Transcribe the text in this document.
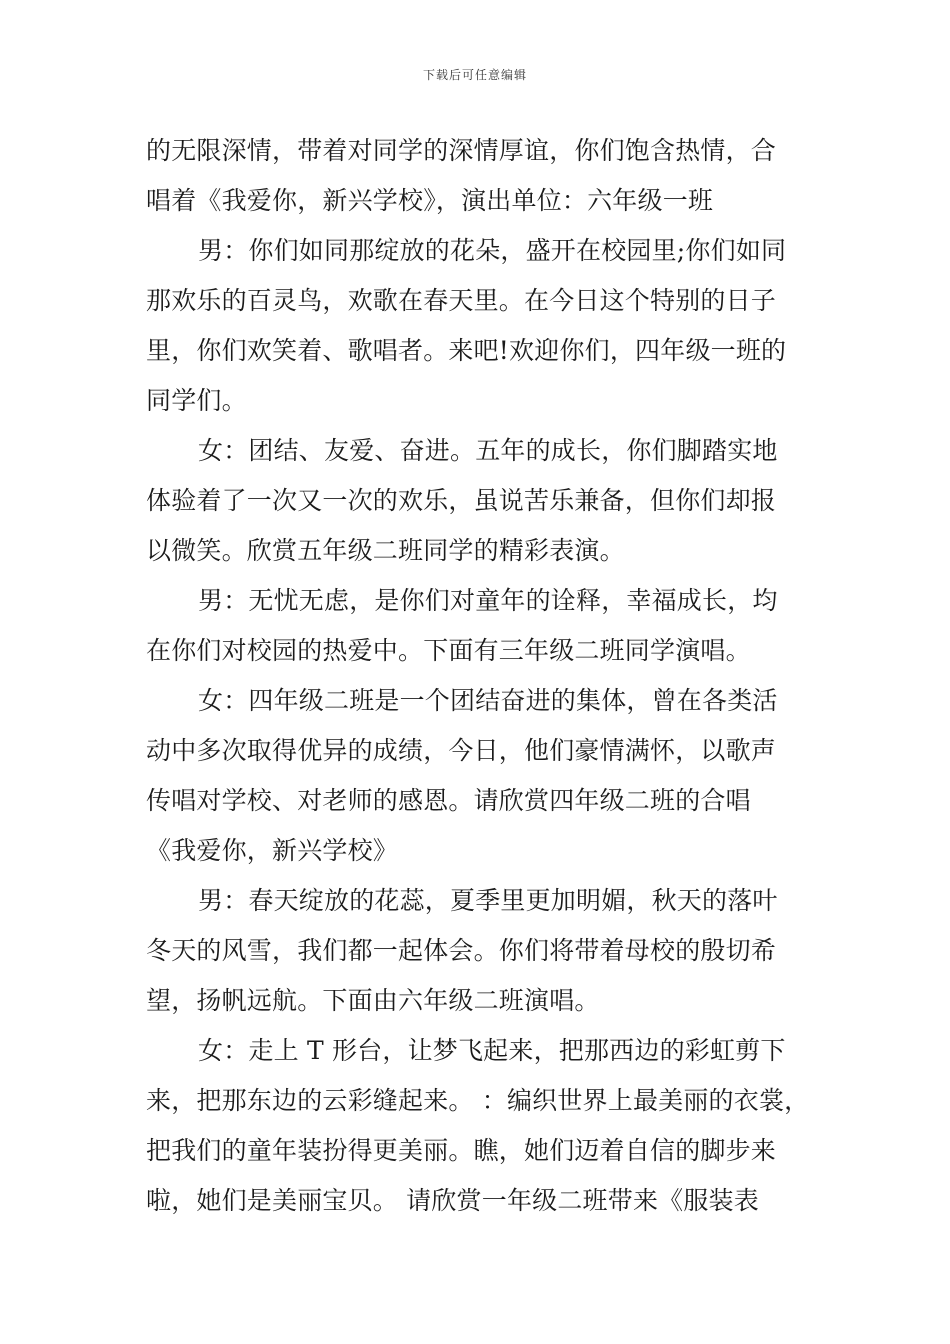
下载后可任意编辑
的无限深情，带着对同学的深情厚谊，你们饱含热情，合
唱着《我爱你，新兴学校》，演出单位：六年级一班
男：你们如同那绽放的花朵，盛开在校园里;你们如同
那欢乐的百灵鸟，欢歌在春天里。在今日这个特别的日子
里，你们欢笑着、歌唱者。来吧!欢迎你们，四年级一班的
同学们。
女：团结、友爱、奋进。五年的成长，你们脚踏实地
体验着了一次又一次的欢乐，虽说苦乐兼备，但你们却报
以微笑。欣赏五年级二班同学的精彩表演。
男：无忧无虑，是你们对童年的诠释，幸福成长，均
在你们对校园的热爱中。下面有三年级二班同学演唱。
女：四年级二班是一个团结奋进的集体，曾在各类活
动中多次取得优异的成绩，今日，他们豪情满怀，以歌声
传唱对学校、对老师的感恩。请欣赏四年级二班的合唱
《我爱你，新兴学校》
男：春天绽放的花蕊，夏季里更加明媚，秋天的落叶
冬天的风雪，我们都一起体会。你们将带着母校的殷切希
望，扬帆远航。下面由六年级二班演唱。
女：走上 T 形台，让梦飞起来，把那西边的彩虹剪下
来，把那东边的云彩缝起来。 ：编织世界上最美丽的衣裳，
把我们的童年装扮得更美丽。瞧，她们迈着自信的脚步来
啦，她们是美丽宝贝。 请欣赏一年级二班带来《服装表
